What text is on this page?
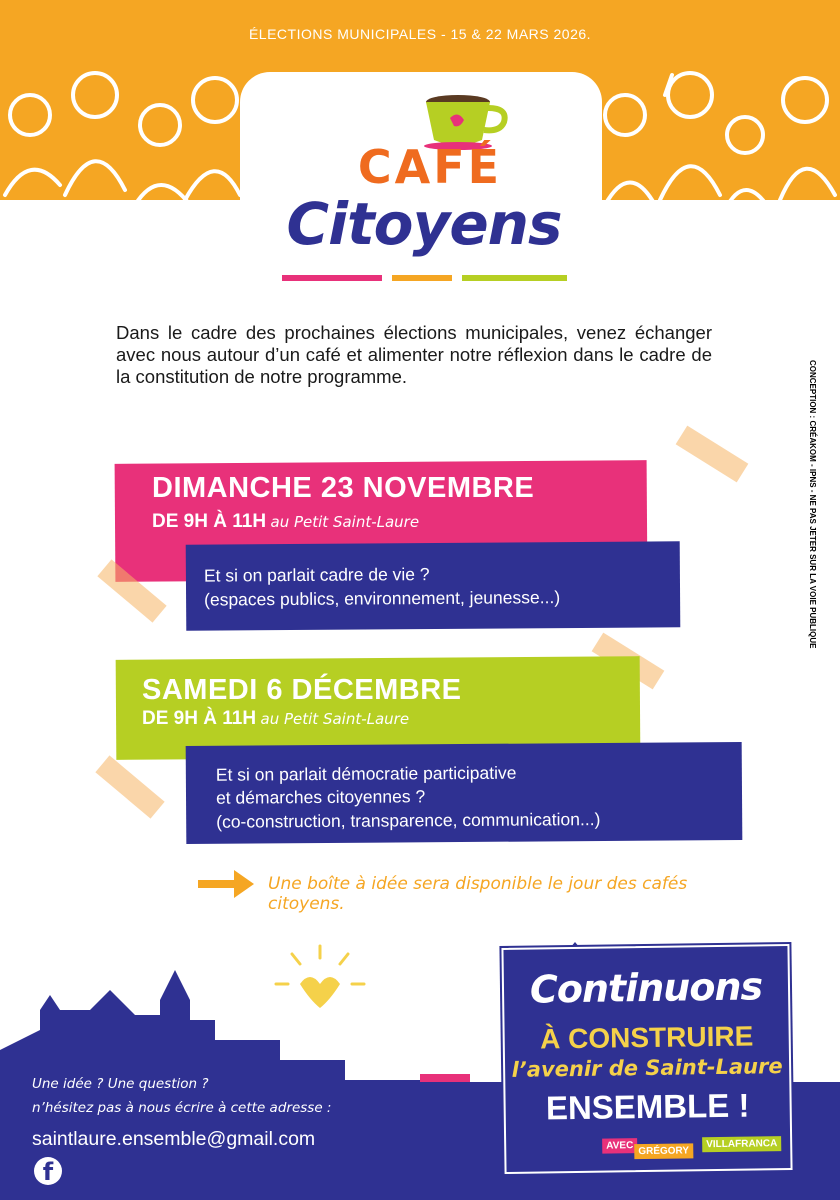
ÉLECTIONS MUNICIPALES - 15 & 22 MARS 2026.
CAFÉ
Citoyens
Dans le cadre des prochaines élections municipales, venez échanger avec nous autour d’un café et alimenter notre réflexion dans le cadre de la constitution de notre programme.
DIMANCHE 23 NOVEMBRE
DE 9H À 11H au Petit Saint-Laure
Et si on parlait cadre de vie ?
(espaces publics, environnement, jeunesse...)
SAMEDI 6 DÉCEMBRE
DE 9H À 11H au Petit Saint-Laure
Et si on parlait démocratie participative
et démarches citoyennes ?
(co-construction, transparence, communication...)
Une boîte à idée sera disponible le jour des cafés citoyens.
Une idée ? Une question ?
n’hésitez pas à nous écrire à cette adresse :
saintlaure.ensemble@gmail.com
f
Continuons
À CONSTRUIRE
l’avenir de Saint-Laure
ENSEMBLE !
AVEC GRÉGORY
VILLAFRANCA
CONCEPTION : CRÉAKOM - IPNS - NE PAS JETER SUR LA VOIE PUBLIQUE
